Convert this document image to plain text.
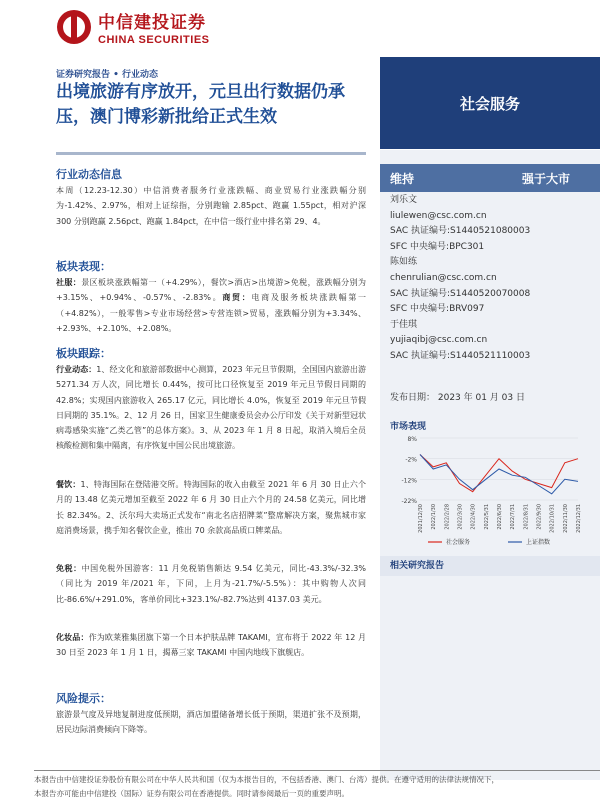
中信建投证券
CHINA SECURITIES
证券研究报告 • 行业动态
出境旅游有序放开，元旦出行数据仍承压，澳门博彩新批给正式生效
社会服务
维持	强于大市
刘乐文
liulewen@csc.com.cn
SAC 执证编号:S1440521080003
SFC 中央编号:BPC301
陈如练
chenrulian@csc.com.cn
SAC 执证编号:S1440520070008
SFC 中央编号:BRV097
于佳琪
yujiaqibj@csc.com.cn
SAC 执证编号:S1440521110003
发布日期： 2023 年 01 月 03 日
市场表现
8%
-2%
-12%
-22%
2021/12/30 2022/1/30 2022/2/28 2022/3/30 2022/4/30 2022/5/31 2022/6/30 2022/7/31 2022/8/31 2022/9/30 2022/10/31 2022/11/30 2022/12/31
社会服务	上证指数
相关研究报告
行业动态信息
本周（12.23-12.30）中信消费者服务行业涨跌幅、商业贸易行业涨跌幅分别为-1.42%、2.97%，相对上证综指，分别跑输 2.85pct、跑赢 1.55pct，相对沪深 300 分别跑赢 2.56pct、跑赢 1.84pct，在中信一级行业中排名第 29、4。
板块表现：
社服：景区板块涨跌幅第一（+4.29%），餐饮>酒店>出境游>免税，涨跌幅分别为+3.15%、+0.94%、-0.57%、-2.83%。商贸：电商及服务板块涨跌幅第一（+4.82%），一般零售>专业市场经营>专营连锁>贸易，涨跌幅分别为+3.34%、+2.93%、+2.10%、+2.08%。
板块跟踪：
行业动态：1、经文化和旅游部数据中心测算，2023 年元旦节假期，全国国内旅游出游 5271.34 万人次，同比增长 0.44%，按可比口径恢复至 2019 年元旦节假日同期的 42.8%；实现国内旅游收入 265.17 亿元，同比增长 4.0%，恢复至 2019 年元旦节假日同期的 35.1%。2、12 月 26 日，国家卫生健康委员会办公厅印发《关于对新型冠状病毒感染实施“乙类乙管”的总体方案》。3、从 2023 年 1 月 8 日起，取消入境后全员核酸检测和集中隔离，有序恢复中国公民出境旅游。
餐饮：1、特海国际在登陆港交所。特海国际的收入由截至 2021 年 6 月 30 日止六个月的 13.48 亿美元增加至截至 2022 年 6 月 30 日止六个月的 24.58 亿美元，同比增长 82.34%。2、沃尔玛大卖场正式发布“南北名店招牌菜”整席解决方案，聚焦城市家庭消费场景，携手知名餐饮企业，推出 70 余款高品质口牌菜品。
免税：中国免税外国游客：11 月免税销售额达 9.54 亿美元，同比-43.3%/-32.3%（同比为 2019 年/2021 年，下同，上月为-21.7%/-5.5%）：其中购物人次同比-86.6%/+291.0%，客单价同比+323.1%/-82.7%达到 4137.03 美元。
化妆品：作为欧莱雅集团旗下第一个日本护肤品牌 TAKAMI，宣布将于 2022 年 12 月 30 日至 2023 年 1 月 1 日，揭幕三家 TAKAMI 中国内地线下旗舰店。
风险提示：
旅游景气度及异地复制进度低预期，酒店加盟储备增长低于预期，渠道扩张不及预期，居民边际消费倾向下降等。
本报告由中信建投证券股份有限公司在中华人民共和国（仅为本报告目的，不包括香港、澳门、台湾）提供。在遵守适用的法律法规情况下，
本报告亦可能由中信建投（国际）证券有限公司在香港提供。同时请参阅最后一页的重要声明。
